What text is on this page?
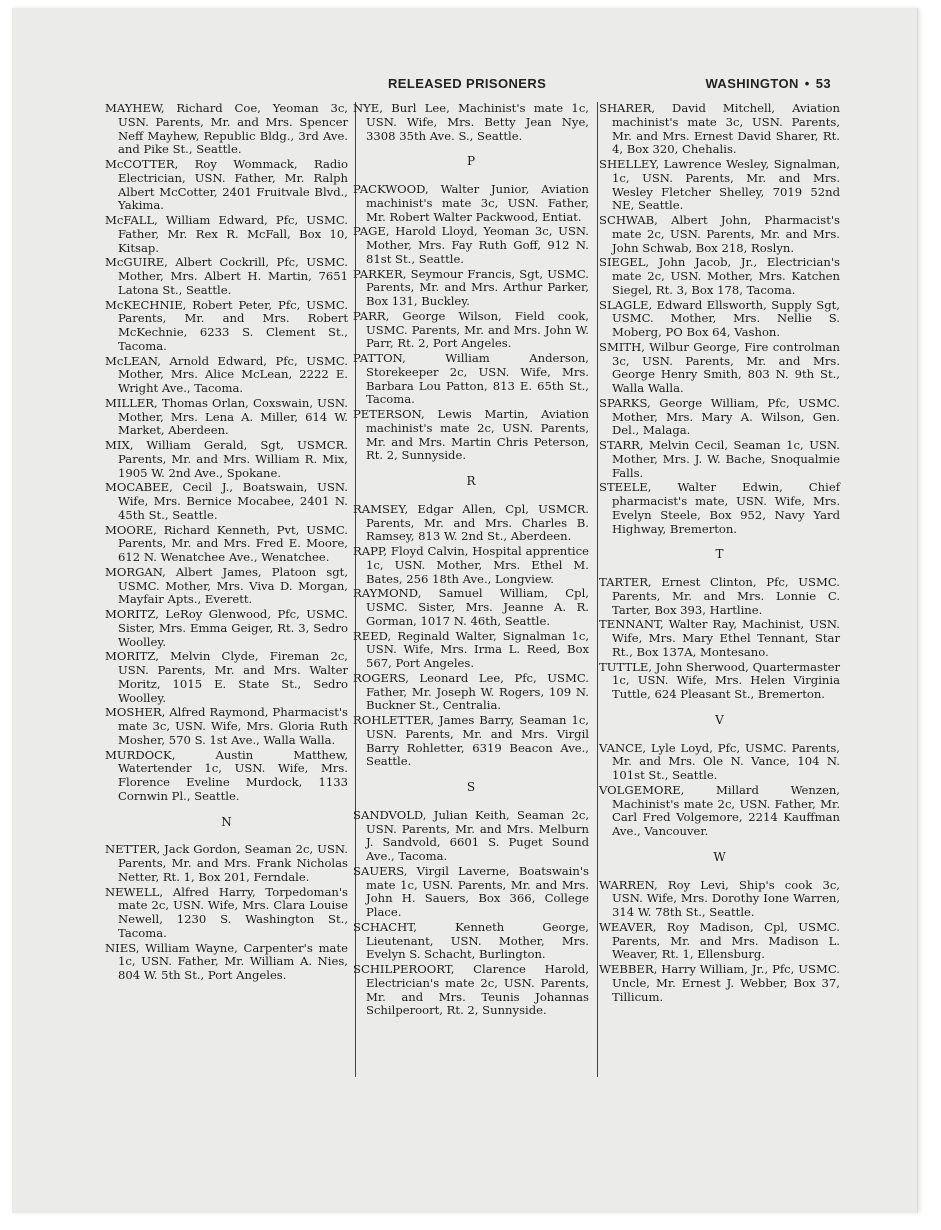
RELEASED PRISONERS	WASHINGTON • 53
MAYHEW, Richard Coe, Yeoman 3c, USN. Parents, Mr. and Mrs. Spencer Neff Mayhew, Republic Bldg., 3rd Ave. and Pike St., Seattle.
McCOTTER, Roy Wommack, Radio Electrician, USN. Father, Mr. Ralph Albert McCotter, 2401 Fruitvale Blvd., Yakima.
McFALL, William Edward, Pfc, USMC. Father, Mr. Rex R. McFall, Box 10, Kitsap.
McGUIRE, Albert Cockrill, Pfc, USMC. Mother, Mrs. Albert H. Martin, 7651 Latona St., Seattle.
McKECHNIE, Robert Peter, Pfc, USMC. Parents, Mr. and Mrs. Robert McKechnie, 6233 S. Clement St., Tacoma.
McLEAN, Arnold Edward, Pfc, USMC. Mother, Mrs. Alice McLean, 2222 E. Wright Ave., Tacoma.
MILLER, Thomas Orlan, Coxswain, USN. Mother, Mrs. Lena A. Miller, 614 W. Market, Aberdeen.
MIX, William Gerald, Sgt, USMCR. Parents, Mr. and Mrs. William R. Mix, 1905 W. 2nd Ave., Spokane.
MOCABEE, Cecil J., Boatswain, USN. Wife, Mrs. Bernice Mocabee, 2401 N. 45th St., Seattle.
MOORE, Richard Kenneth, Pvt, USMC. Parents, Mr. and Mrs. Fred E. Moore, 612 N. Wenatchee Ave., Wenatchee.
MORGAN, Albert James, Platoon sgt, USMC. Mother, Mrs. Viva D. Morgan, Mayfair Apts., Everett.
MORITZ, LeRoy Glenwood, Pfc, USMC. Sister, Mrs. Emma Geiger, Rt. 3, Sedro Woolley.
MORITZ, Melvin Clyde, Fireman 2c, USN. Parents, Mr. and Mrs. Walter Moritz, 1015 E. State St., Sedro Woolley.
MOSHER, Alfred Raymond, Pharmacist's mate 3c, USN. Wife, Mrs. Gloria Ruth Mosher, 570 S. 1st Ave., Walla Walla.
MURDOCK, Austin Matthew, Watertender 1c, USN. Wife, Mrs. Florence Eveline Murdock, 1133 Cornwin Pl., Seattle.
N
NETTER, Jack Gordon, Seaman 2c, USN. Parents, Mr. and Mrs. Frank Nicholas Netter, Rt. 1, Box 201, Ferndale.
NEWELL, Alfred Harry, Torpedoman's mate 2c, USN. Wife, Mrs. Clara Louise Newell, 1230 S. Washington St., Tacoma.
NIES, William Wayne, Carpenter's mate 1c, USN. Father, Mr. William A. Nies, 804 W. 5th St., Port Angeles.
NYE, Burl Lee, Machinist's mate 1c, USN. Wife, Mrs. Betty Jean Nye, 3308 35th Ave. S., Seattle.
P
PACKWOOD, Walter Junior, Aviation machinist's mate 3c, USN. Father, Mr. Robert Walter Packwood, Entiat.
PAGE, Harold Lloyd, Yeoman 3c, USN. Mother, Mrs. Fay Ruth Goff, 912 N. 81st St., Seattle.
PARKER, Seymour Francis, Sgt, USMC. Parents, Mr. and Mrs. Arthur Parker, Box 131, Buckley.
PARR, George Wilson, Field cook, USMC. Parents, Mr. and Mrs. John W. Parr, Rt. 2, Port Angeles.
PATTON, William Anderson, Storekeeper 2c, USN. Wife, Mrs. Barbara Lou Patton, 813 E. 65th St., Tacoma.
PETERSON, Lewis Martin, Aviation machinist's mate 2c, USN. Parents, Mr. and Mrs. Martin Chris Peterson, Rt. 2, Sunnyside.
R
RAMSEY, Edgar Allen, Cpl, USMCR. Parents, Mr. and Mrs. Charles B. Ramsey, 813 W. 2nd St., Aberdeen.
RAPP, Floyd Calvin, Hospital apprentice 1c, USN. Mother, Mrs. Ethel M. Bates, 256 18th Ave., Longview.
RAYMOND, Samuel William, Cpl, USMC. Sister, Mrs. Jeanne A. R. Gorman, 1017 N. 46th, Seattle.
REED, Reginald Walter, Signalman 1c, USN. Wife, Mrs. Irma L. Reed, Box 567, Port Angeles.
ROGERS, Leonard Lee, Pfc, USMC. Father, Mr. Joseph W. Rogers, 109 N. Buckner St., Centralia.
ROHLETTER, James Barry, Seaman 1c, USN. Parents, Mr. and Mrs. Virgil Barry Rohletter, 6319 Beacon Ave., Seattle.
S
SANDVOLD, Julian Keith, Seaman 2c, USN. Parents, Mr. and Mrs. Melburn J. Sandvold, 6601 S. Puget Sound Ave., Tacoma.
SAUERS, Virgil Laverne, Boatswain's mate 1c, USN. Parents, Mr. and Mrs. John H. Sauers, Box 366, College Place.
SCHACHT, Kenneth George, Lieutenant, USN. Mother, Mrs. Evelyn S. Schacht, Burlington.
SCHILPEROORT, Clarence Harold, Electrician's mate 2c, USN. Parents, Mr. and Mrs. Teunis Johannas Schilperoort, Rt. 2, Sunnyside.
SHARER, David Mitchell, Aviation machinist's mate 3c, USN. Parents, Mr. and Mrs. Ernest David Sharer, Rt. 4, Box 320, Chehalis.
SHELLEY, Lawrence Wesley, Signalman, 1c, USN. Parents, Mr. and Mrs. Wesley Fletcher Shelley, 7019 52nd NE, Seattle.
SCHWAB, Albert John, Pharmacist's mate 2c, USN. Parents, Mr. and Mrs. John Schwab, Box 218, Roslyn.
SIEGEL, John Jacob, Jr., Electrician's mate 2c, USN. Mother, Mrs. Katchen Siegel, Rt. 3, Box 178, Tacoma.
SLAGLE, Edward Ellsworth, Supply Sgt, USMC. Mother, Mrs. Nellie S. Moberg, PO Box 64, Vashon.
SMITH, Wilbur George, Fire controlman 3c, USN. Parents, Mr. and Mrs. George Henry Smith, 803 N. 9th St., Walla Walla.
SPARKS, George William, Pfc, USMC. Mother, Mrs. Mary A. Wilson, Gen. Del., Malaga.
STARR, Melvin Cecil, Seaman 1c, USN. Mother, Mrs. J. W. Bache, Snoqualmie Falls.
STEELE, Walter Edwin, Chief pharmacist's mate, USN. Wife, Mrs. Evelyn Steele, Box 952, Navy Yard Highway, Bremerton.
T
TARTER, Ernest Clinton, Pfc, USMC. Parents, Mr. and Mrs. Lonnie C. Tarter, Box 393, Hartline.
TENNANT, Walter Ray, Machinist, USN. Wife, Mrs. Mary Ethel Tennant, Star Rt., Box 137A, Montesano.
TUTTLE, John Sherwood, Quartermaster 1c, USN. Wife, Mrs. Helen Virginia Tuttle, 624 Pleasant St., Bremerton.
V
VANCE, Lyle Loyd, Pfc, USMC. Parents, Mr. and Mrs. Ole N. Vance, 104 N. 101st St., Seattle.
VOLGEMORE, Millard Wenzen, Machinist's mate 2c, USN. Father, Mr. Carl Fred Volgemore, 2214 Kauffman Ave., Vancouver.
W
WARREN, Roy Levi, Ship's cook 3c, USN. Wife, Mrs. Dorothy Ione Warren, 314 W. 78th St., Seattle.
WEAVER, Roy Madison, Cpl, USMC. Parents, Mr. and Mrs. Madison L. Weaver, Rt. 1, Ellensburg.
WEBBER, Harry William, Jr., Pfc, USMC. Uncle, Mr. Ernest J. Webber, Box 37, Tillicum.
